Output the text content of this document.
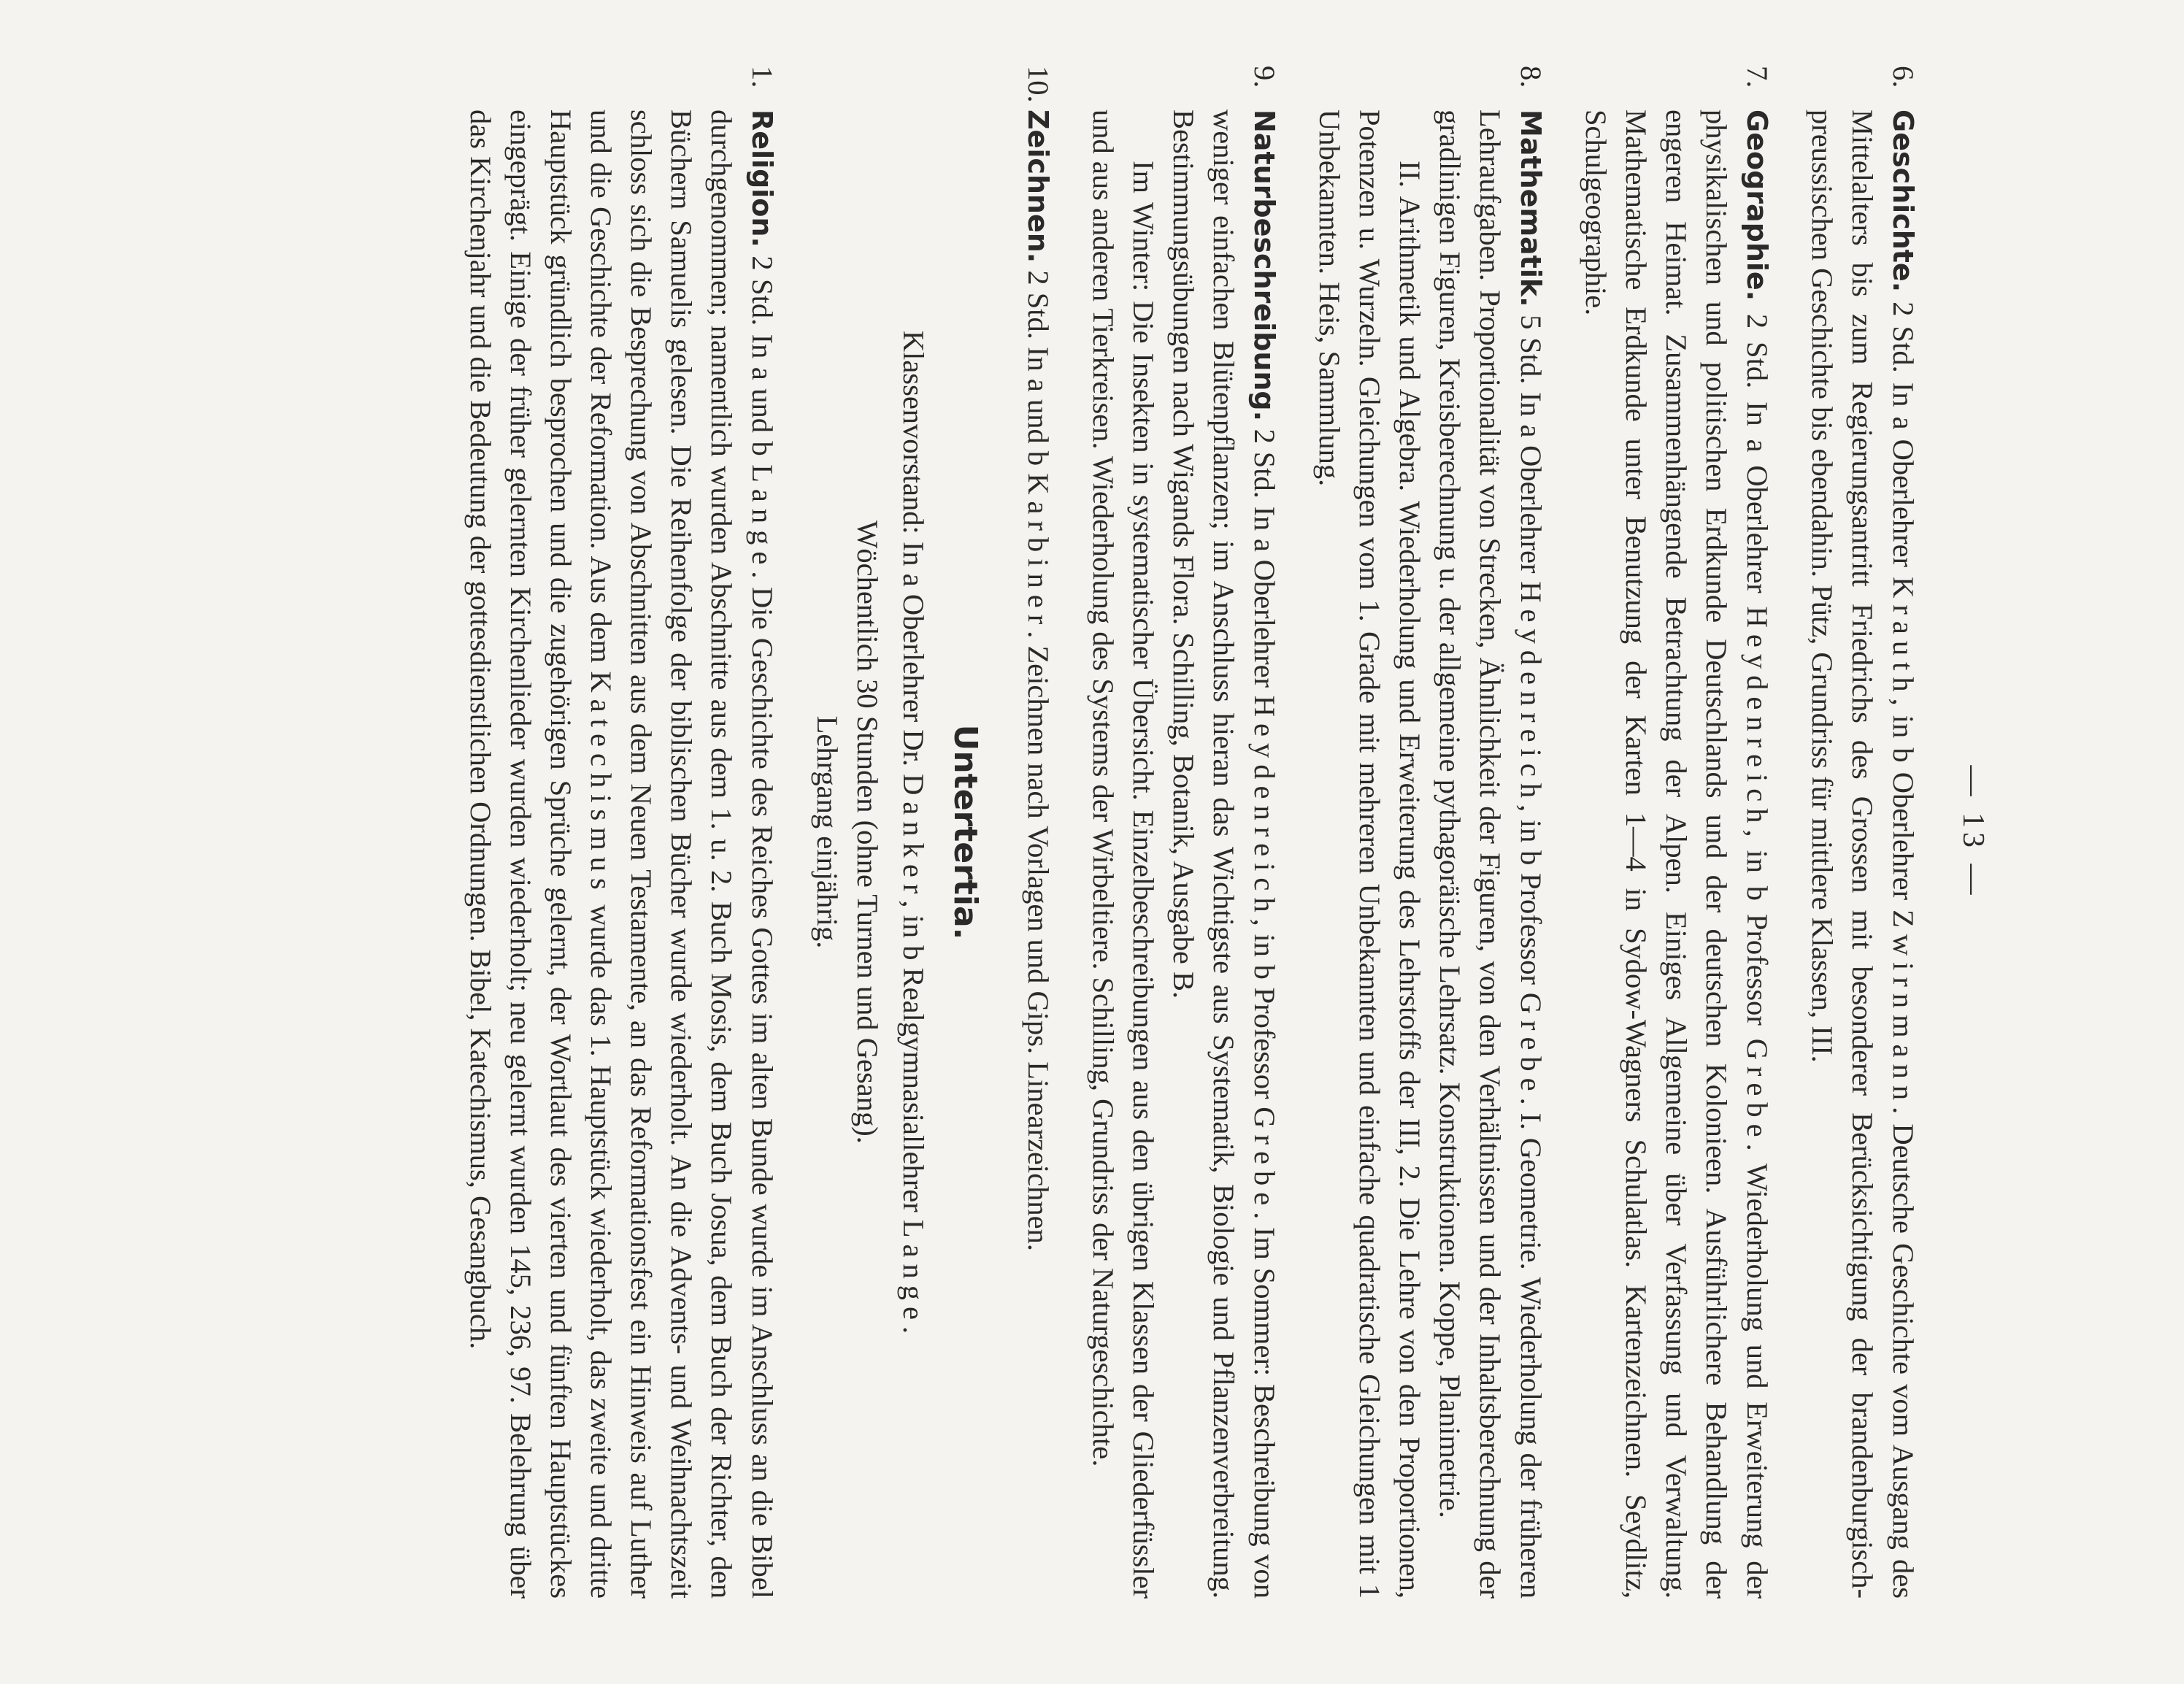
— 13 —
6.
Geschichte. 2 Std. In a Oberlehrer Krauth, in b Oberlehrer Zwirnmann. Deutsche Geschichte vom Ausgang des Mittelalters bis zum Regierungsantritt Friedrichs des Grossen mit besonderer Berücksichtigung der brandenburgisch-preussischen Geschichte bis ebendahin. Pütz, Grundriss für mittlere Klassen, III.
7.
Geographie. 2 Std. In a Oberlehrer Heydenreich, in b Professor Grebe. Wiederholung und Erweiterung der physikalischen und politischen Erdkunde Deutschlands und der deutschen Kolonieen. Ausführlichere Behandlung der engeren Heimat. Zusammenhängende Betrachtung der Alpen. Einiges Allgemeine über Verfassung und Verwaltung. Mathematische Erdkunde unter Benutzung der Karten 1—4 in Sydow-Wagners Schulatlas. Kartenzeichnen. Seydlitz, Schulgeographie.
8.
Mathematik. 5 Std. In a Oberlehrer Heydenreich, in b Professor Grebe. I. Geometrie. Wiederholung der früheren Lehraufgaben. Proportionalität von Strecken, Ähnlichkeit der Figuren, von den Verhältnissen und der Inhaltsberechnung der gradlinigen Figuren, Kreisberechnung u. der allgemeine pythagoräische Lehrsatz. Konstruktionen. Koppe, Planimetrie.

II. Arithmetik und Algebra. Wiederholung und Erweiterung des Lehrstoffs der III, 2. Die Lehre von den Proportionen, Potenzen u. Wurzeln. Gleichungen vom 1. Grade mit mehreren Unbekannten und einfache quadratische Gleichungen mit 1 Unbekannten. Heis, Sammlung.

9.
Naturbeschreibung. 2 Std. In a Oberlehrer Heydenreich, in b Professor Grebe. Im Sommer: Beschreibung von weniger einfachen Blütenpflanzen; im Anschluss hieran das Wichtigste aus Systematik, Biologie und Pflanzenverbreitung. Bestimmungsübungen nach Wigands Flora. Schilling, Botanik, Ausgabe B.

Im Winter: Die Insekten in systematischer Übersicht. Einzelbeschreibungen aus den übrigen Klassen der Gliederfüssler und aus anderen Tierkreisen. Wiederholung des Systems der Wirbeltiere. Schilling, Grundriss der Naturgeschichte.

10.
Zeichnen. 2 Std. In a und b Karbiner. Zeichnen nach Vorlagen und Gips. Linearzeichnen.
Untertertia.

Klassenvorstand: In a Oberlehrer Dr. Danker, in b Realgymnasiallehrer Lange.

Wöchentlich 30 Stunden (ohne Turnen und Gesang).

Lehrgang einjährig.

1.
Religion. 2 Std. In a und b Lange. Die Geschichte des Reiches Gottes im alten Bunde wurde im Anschluss an die Bibel durchgenommen; namentlich wurden Abschnitte aus dem 1. u. 2. Buch Mosis, dem Buch Josua, dem Buch der Richter, den Büchern Samuelis gelesen. Die Reihenfolge der biblischen Bücher wurde wiederholt. An die Advents- und Weihnachtszeit schloss sich die Besprechung von Abschnitten aus dem Neuen Testamente, an das Reformationsfest ein Hinweis auf Luther und die Geschichte der Reformation. Aus dem Katechismus wurde das 1. Hauptstück wiederholt, das zweite und dritte Hauptstück gründlich besprochen und die zugehörigen Sprüche gelernt, der Wortlaut des vierten und fünften Hauptstückes eingeprägt. Einige der früher gelernten Kirchenlieder wurden wiederholt; neu gelernt wurden 145, 236, 97. Belehrung über das Kirchenjahr und die Bedeutung der gottesdienstlichen Ordnungen. Bibel, Katechismus, Gesangbuch.
